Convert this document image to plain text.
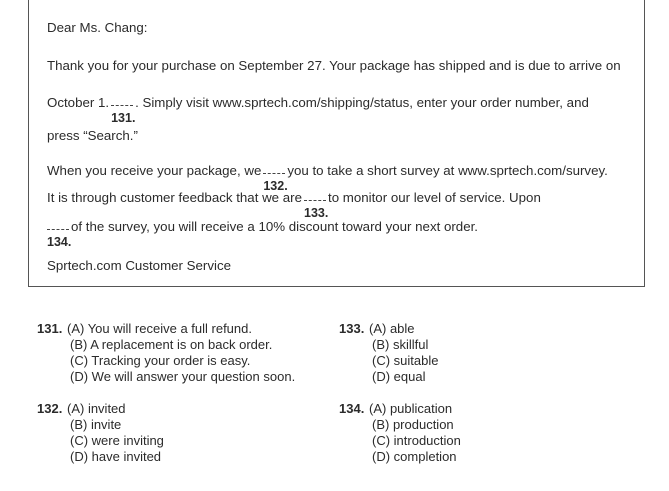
Dear Ms. Chang:
Thank you for your purchase on September 27. Your package has shipped and is due to arrive on
October 1.
131.
. Simply visit www.sprtech.com/shipping/status, enter your order number, and
press “Search.”
When you receive your package, we
132.
you to take a short survey at www.sprtech.com/survey.
It is through customer feedback that we are
133.
to monitor our level of service. Upon
134.
of the survey, you will receive a 10% discount toward your next order.
Sprtech.com Customer Service
131. (A) You will receive a full refund.
(B) A replacement is on back order.
(C) Tracking your order is easy.
(D) We will answer your question soon.
132. (A) invited
(B) invite
(C) were inviting
(D) have invited
133. (A) able
(B) skillful
(C) suitable
(D) equal
134. (A) publication
(B) production
(C) introduction
(D) completion
